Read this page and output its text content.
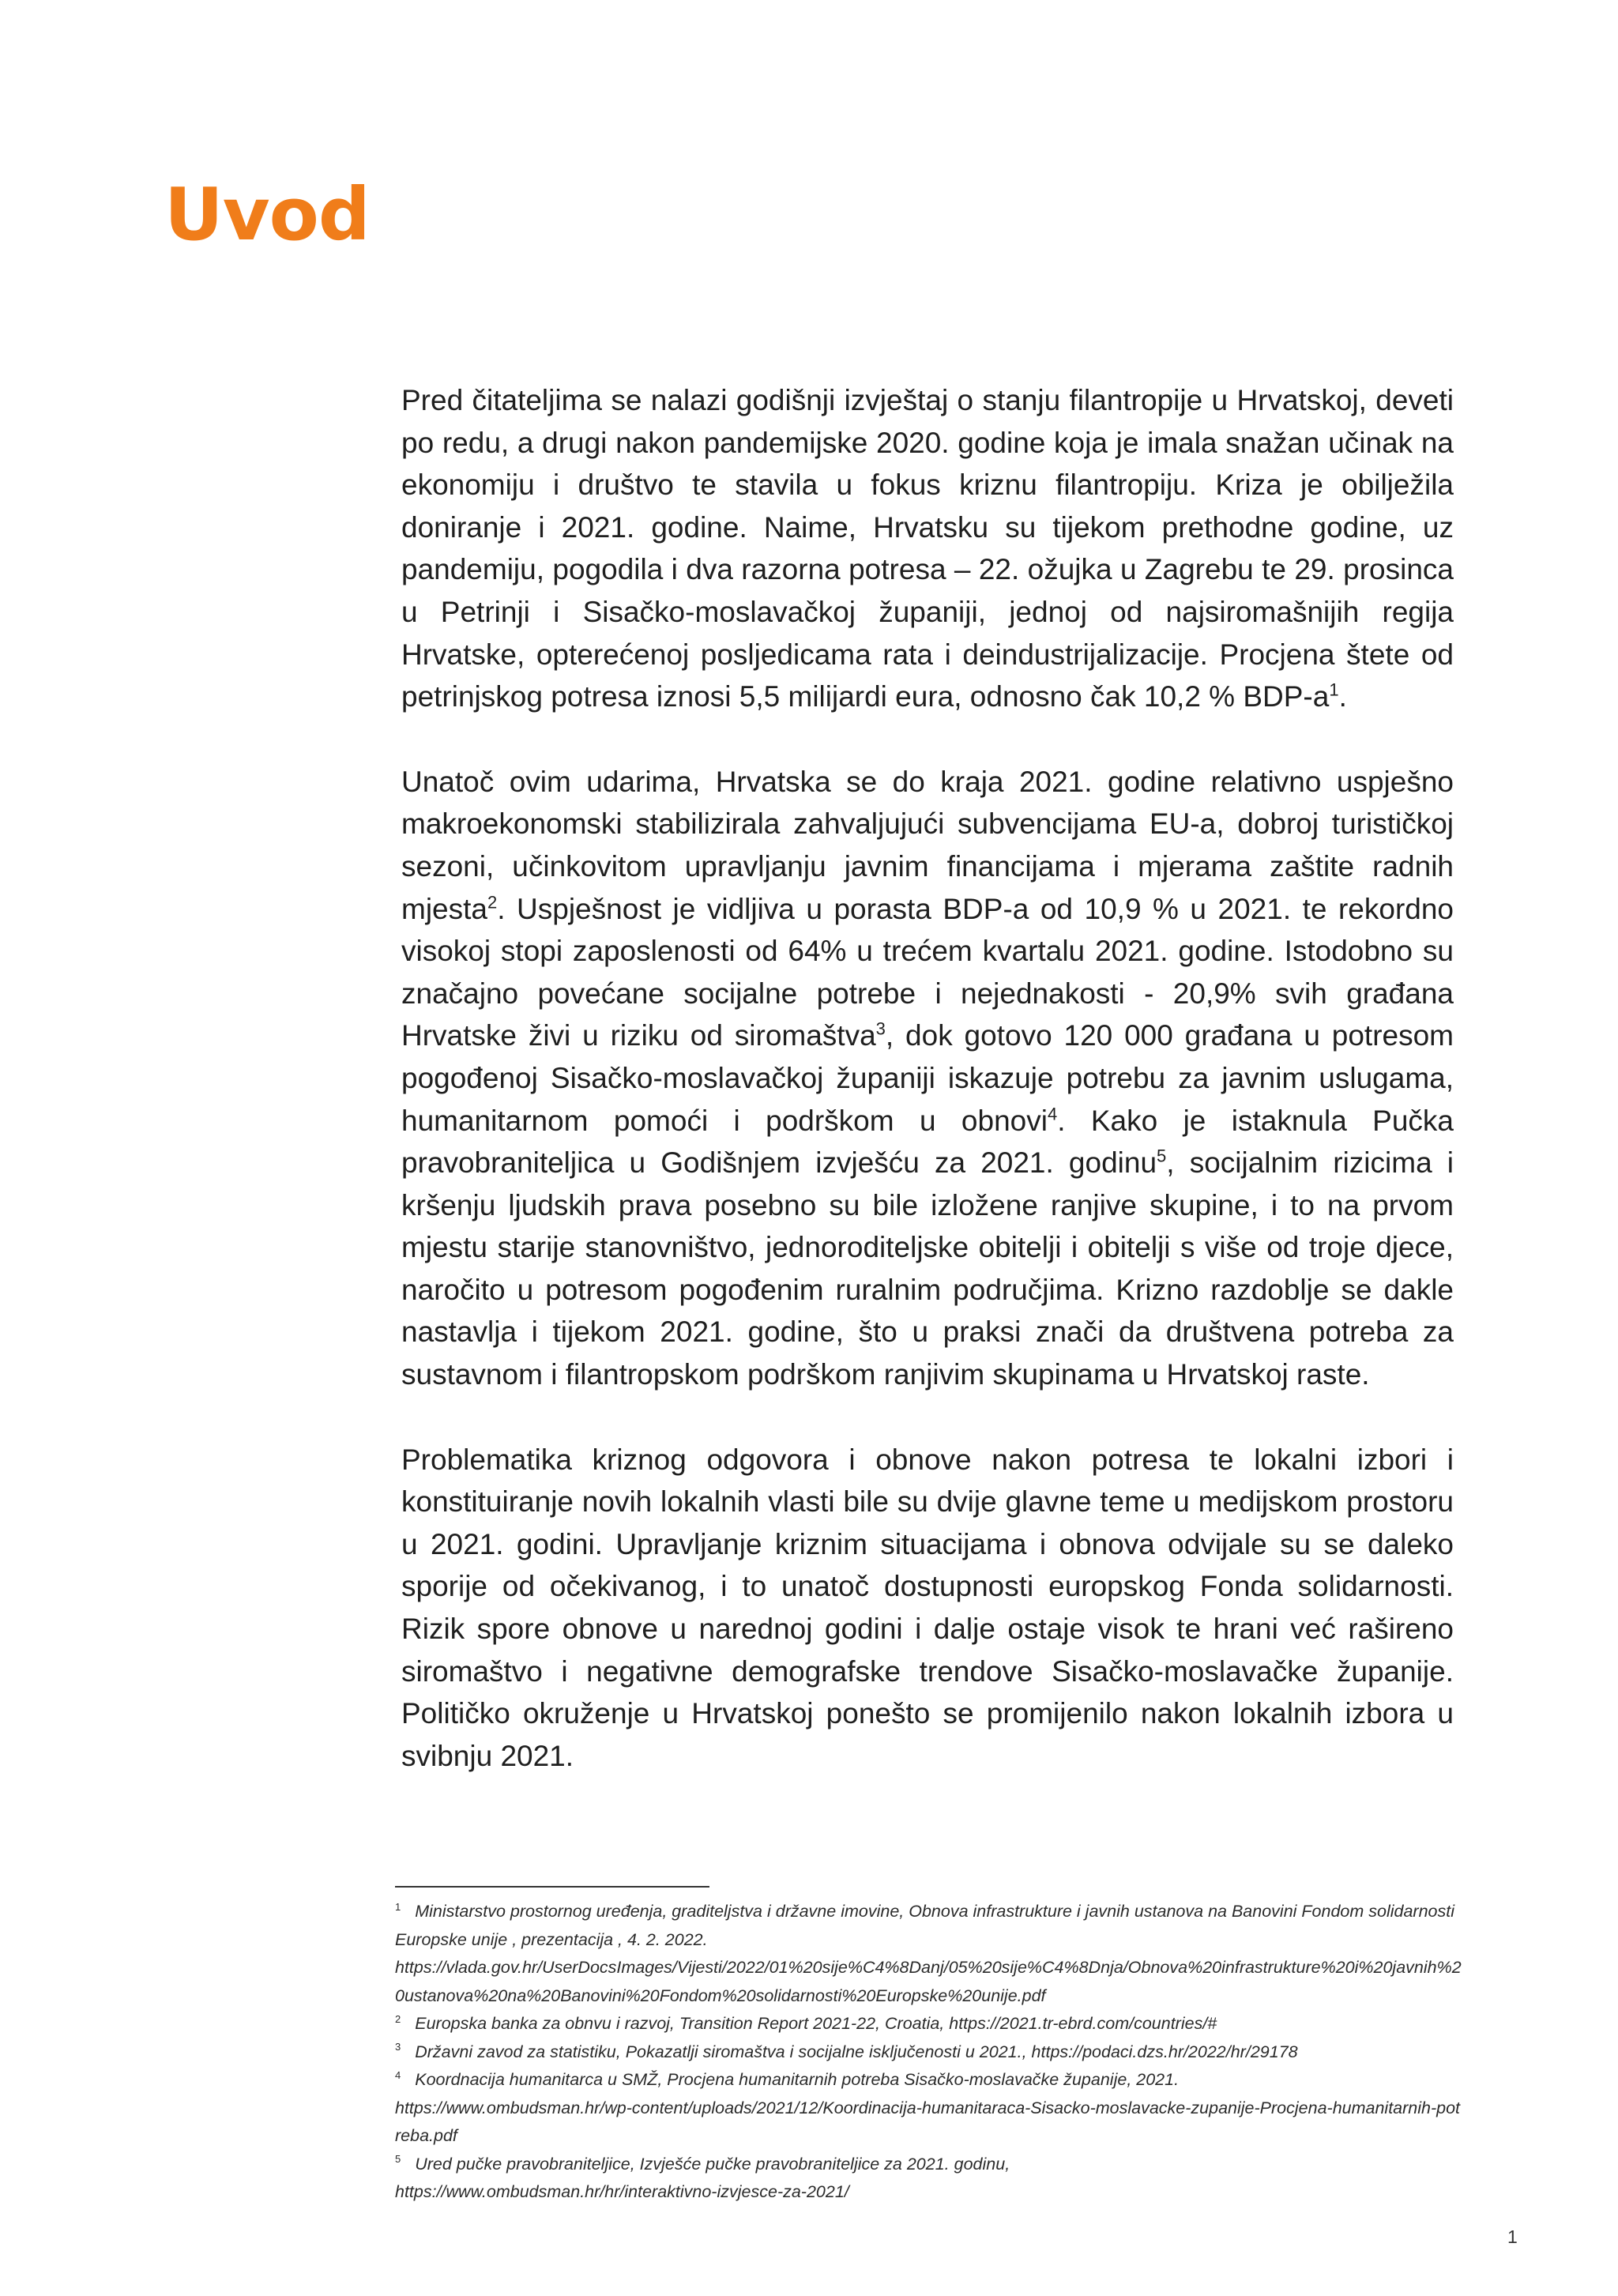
Uvod

Pred čitateljima se nalazi godišnji izvještaj o stanju filantropije u Hrvatskoj, deveti po redu, a drugi nakon pandemijske 2020. godine koja je imala snažan učinak na ekonomiju i društvo te stavila u fokus kriznu filantropiju. Kriza je obilježila doniranje i 2021. godine. Naime, Hrvatsku su tijekom prethodne godine, uz pandemiju, pogodila i dva razorna potresa – 22. ožujka u Zagrebu te 29. prosinca u Petrinji i Sisačko-moslavačkoj županiji, jednoj od najsiromašnijih regija Hrvatske, opterećenoj posljedicama rata i deindustrijalizacije. Procjena štete od petrinjskog potresa iznosi 5,5 milijardi eura, odnosno čak 10,2 % BDP-$a^1$.

Unatoč ovim udarima, Hrvatska se do kraja 2021. godine relativno uspješno makroekonomski stabilizirala zahvaljujući subvencijama EU-a, dobroj turističkoj sezoni, učinkovitom upravljanju javnim financijama i mjerama zaštite radnih mjesta$^2$. Uspješnost je vidljiva u porasta BDP-a od 10,9 % u 2021. te rekordno visokoj stopi zaposlenosti od 64% u trećem kvartalu 2021. godine. Istodobno su značajno povećane socijalne potrebe i nejednakosti - 20,9% svih građana Hrvatske živi u riziku od siromaštva$^3$, dok gotovo 120 000 građana u potresom pogođenoj Sisačko-moslavačkoj županiji iskazuje potrebu za javnim uslugama, humanitarnom pomoći i podrškom u obnovi$^4$. Kako je istaknula Pučka pravobraniteljica u Godišnjem izvješću za 2021. godinu$^5$, socijalnim rizicima i kršenju ljudskih prava posebno su bile izložene ranjive skupine, i to na prvom mjestu starije stanovništvo, jednoroditeljske obitelji i obitelji s više od troje djece, naročito u potresom pogođenim ruralnim područjima. Krizno razdoblje se dakle nastavlja i tijekom 2021. godine, što u praksi znači da društvena potreba za sustavnom i filantropskom podrškom ranjivim skupinama u Hrvatskoj raste.

Problematika kriznog odgovora i obnove nakon potresa te lokalni izbori i konstituiranje novih lokalnih vlasti bile su dvije glavne teme u medijskom prostoru u 2021. godini. Upravljanje kriznim situacijama i obnova odvijale su se daleko sporije od očekivanog, i to unatoč dostupnosti europskog Fonda solidarnosti. Rizik spore obnove u narednoj godini i dalje ostaje visok te hrani već rašireno siromaštvo i negativne demografske trendove Sisačko-moslavačke županije. Političko okruženje u Hrvatskoj ponešto se promijenilo nakon lokalnih izbora u svibnju 2021.

$^1$ Ministarstvo prostornog uređenja, graditeljstva i državne imovine, Obnova infrastrukture i javnih ustanova na Banovini Fondom solidarnosti Europske unije , prezentacija , 4. 2. 2022.
https://vlada.gov.hr/UserDocsImages/Vijesti/2022/01%20sije%C4%8Danj/05%20sije%C4%8Dnja/Obnova%20infrastrukture%20i%20javnih%20ustanova%20na%20Banovini%20Fondom%20solidarnosti%20Europske%20unije.pdf

$^2$ Europska banka za obnvu i razvoj, Transition Report 2021-22, Croatia, https://2021.tr-ebrd.com/countries/#

$^3$ Državni zavod za statistiku, Pokazatlji siromaštva i socijalne isključenosti u 2021., https://podaci.dzs.hr/2022/hr/29178

$^4$ Koordnacija humanitarca u SMŽ, Procjena humanitarnih potreba Sisačko-moslavačke županije, 2021.
https://www.ombudsman.hr/wp-content/uploads/2021/12/Koordinacija-humanitaraca-Sisacko-moslavacke-zupanije-Procjena-humanitarnih-potreba.pdf

$^5$ Ured pučke pravobraniteljice, Izvješće pučke pravobraniteljice za 2021. godinu,
https://www.ombudsman.hr/hr/interaktivno-izvjesce-za-2021/

1
